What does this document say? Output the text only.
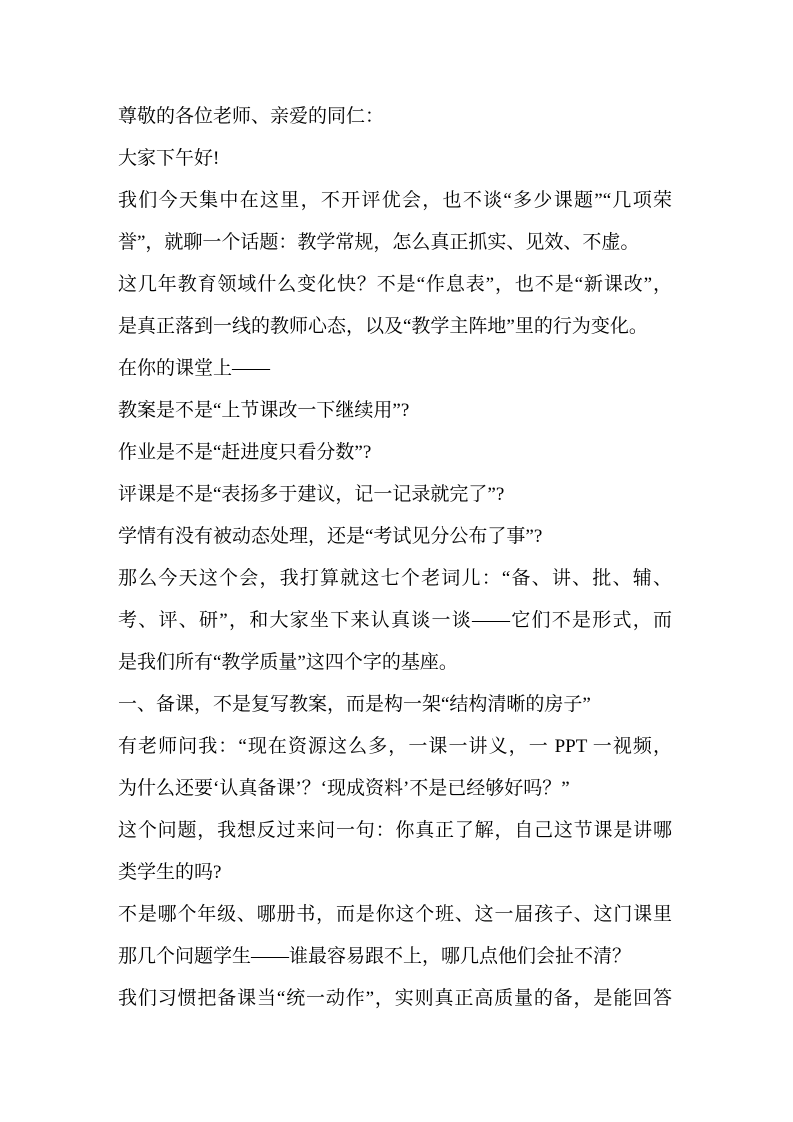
尊敬的各位老师、亲爱的同仁：
大家下午好!
我们今天集中在这里，不开评优会，也不谈“多少课题”“几项荣
誉”，就聊一个话题：教学常规，怎么真正抓实、见效、不虚。
这几年教育领域什么变化快？不是“作息表”，也不是“新课改”，
是真正落到一线的教师心态，以及“教学主阵地”里的行为变化。
在你的课堂上——
教案是不是“上节课改一下继续用”?
作业是不是“赶进度只看分数”?
评课是不是“表扬多于建议，记一记录就完了”?
学情有没有被动态处理，还是“考试见分公布了事”?
那么今天这个会，我打算就这七个老词儿：“备、讲、批、辅、
考、评、研”，和大家坐下来认真谈一谈——它们不是形式，而
是我们所有“教学质量”这四个字的基座。
一、备课，不是复写教案，而是构一架“结构清晰的房子”
有老师问我：“现在资源这么多，一课一讲义，一 PPT 一视频，
为什么还要‘认真备课’？‘现成资料’不是已经够好吗？”
这个问题，我想反过来问一句：你真正了解，自己这节课是讲哪
类学生的吗?
不是哪个年级、哪册书，而是你这个班、这一届孩子、这门课里
那几个问题学生——谁最容易跟不上，哪几点他们会扯不清？
我们习惯把备课当“统一动作”，实则真正高质量的备，是能回答
